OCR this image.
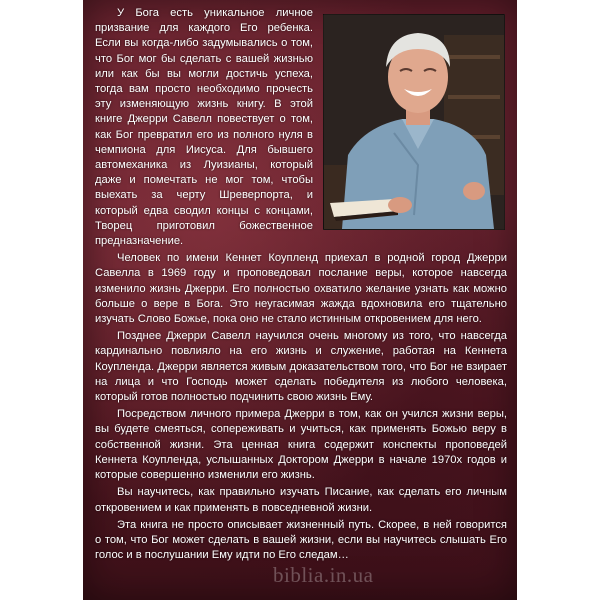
У Бога есть уникальное личное призвание для каждого Его ребенка. Если вы когда-либо задумывались о том, что Бог мог бы сделать с вашей жизнью или как бы вы могли достичь успеха, тогда вам просто необходимо прочесть эту изменяющую жизнь книгу. В этой книге Джерри Савелл повествует о том, как Бог превратил его из полного нуля в чемпиона для Иисуса. Для бывшего автомеханика из Луизианы, который даже и помечтать не мог том, чтобы выехать за черту Шреверпорта, и который едва сводил концы с концами, Творец приготовил божественное предназначение.

Человек по имени Кеннет Коупленд приехал в родной город Джерри Савелла в 1969 году и проповедовал послание веры, которое навсегда изменило жизнь Джерри. Его полностью охватило желание узнать как можно больше о вере в Бога. Это неугасимая жажда вдохновила его тщательно изучать Слово Божье, пока оно не стало истинным откровением для него.

Позднее Джерри Савелл научился очень многому из того, что навсегда кардинально повлияло на его жизнь и служение, работая на Кеннета Коупленда. Джерри является живым доказательством того, что Бог не взирает на лица и что Господь может сделать победителя из любого человека, который готов полностью подчинить свою жизнь Ему.

Посредством личного примера Джерри в том, как он учился жизни веры, вы будете смеяться, сопереживать и учиться, как применять Божью веру в собственной жизни. Эта ценная книга содержит конспекты проповедей Кеннета Коупленда, услышанных Доктором Джерри в начале 1970х годов и которые совершенно изменили его жизнь.

Вы научитесь, как правильно изучать Писание, как сделать его личным откровением и как применять в повседневной жизни.

Эта книга не просто описывает жизненный путь. Скорее, в ней говорится о том, что Бог может сделать в вашей жизни, если вы научитесь слышать Его голос и в послушании Ему идти по Его следам…

biblia.in.ua
